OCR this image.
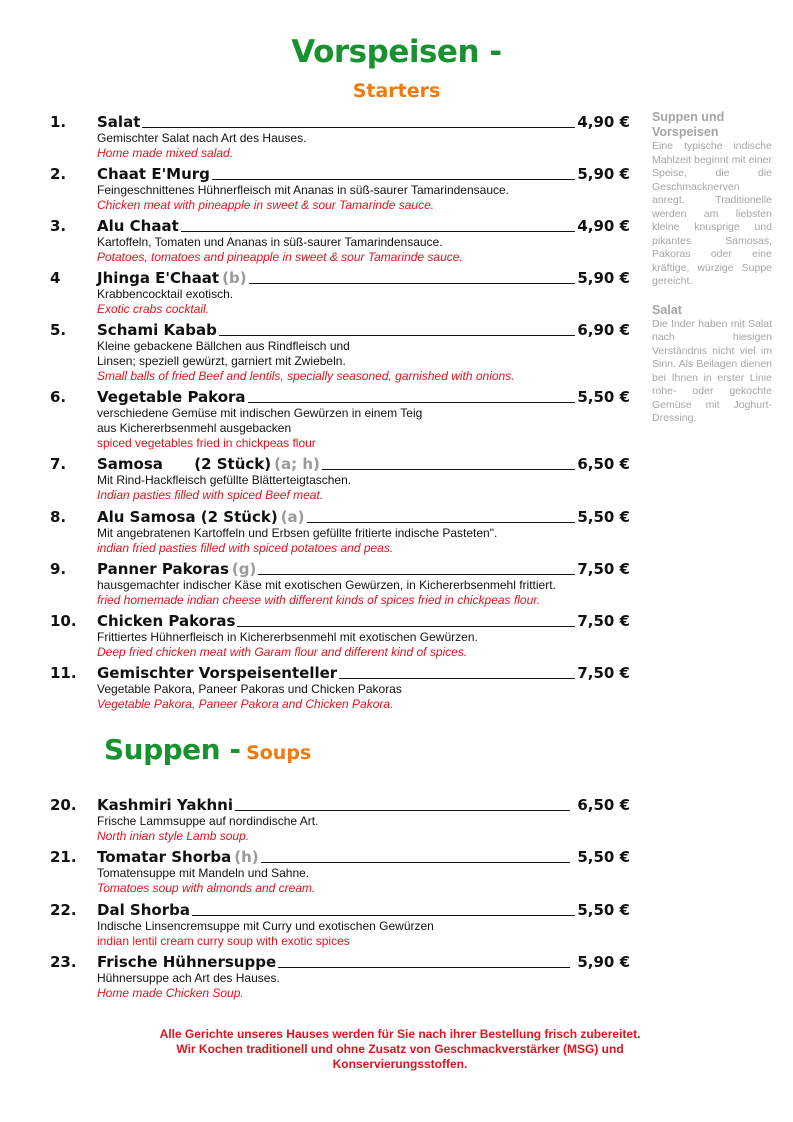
Vorspeisen -
Starters
1.	Salat	4,90 €
Gemischter Salat nach Art des Hauses.
Home made mixed salad.
2.	Chaat E'Murg	5,90 €
Feingeschnittenes Hühnerfleisch mit Ananas in süß-saurer Tamarindensauce.
Chicken meat with pineapple in sweet & sour Tamarinde sauce.
3.	Alu Chaat	4,90 €
Kartoffeln, Tomaten und Ananas in süß-saurer Tamarindensauce.
Potatoes, tomatoes and pineapple in sweet & sour Tamarinde sauce.
4	Jhinga E'Chaat (b)	5,90 €
Krabbencocktail exotisch.
Exotic crabs cocktail.
5.	Schami Kabab	6,90 €
Kleine gebackene Bällchen aus Rindfleisch und
Linsen; speziell gewürzt, garniert mit Zwiebeln.
Small balls of fried Beef and lentils, specially seasoned, garnished with onions.
6.	Vegetable Pakora	5,50 €
verschiedene Gemüse mit indischen Gewürzen in einem Teig
aus Kichererbsenmehl ausgebacken
spiced vegetables fried in chickpeas flour
7.	Samosa      (2 Stück) (a; h)	6,50 €
Mit Rind-Hackfleisch gefüllte Blätterteigtaschen.
Indian pasties filled with spiced Beef meat.
8.	Alu Samosa (2 Stück) (a)	5,50 €
Mit angebratenen Kartoffeln und Erbsen gefüllte fritierte indische Pasteten".
indian fried pasties filled with spiced potatoes and peas.
9.	Panner Pakoras (g)	7,50 €
hausgemachter indischer Käse mit exotischen Gewürzen, in Kichererbsenmehl frittiert.
fried homemade indian cheese with different kinds of spices fried in chickpeas flour.
10.	Chicken Pakoras	7,50 €
Frittiertes Hühnerfleisch in Kichererbsenmehl mit exotischen Gewürzen.
Deep fried chicken meat with Garam flour and different kind of spices.
11.	Gemischter Vorspeisenteller	7,50 €
Vegetable Pakora, Paneer Pakoras und Chicken Pakoras
Vegetable Pakora, Paneer Pakora and Chicken Pakora.
Suppen - Soups
20.	Kashmiri Yakhni	6,50 €
Frische Lammsuppe auf nordindische Art.
North inian style Lamb soup.
21.	Tomatar Shorba (h)	5,50 €
Tomatensuppe mit Mandeln und Sahne.
Tomatoes soup with almonds and cream.
22.	Dal Shorba	5,50 €
Indische Linsencremsuppe mit Curry und exotischen Gewürzen
indian lentil cream curry soup with exotic spices
23.	Frische Hühnersuppe	5,90 €
Hühnersuppe ach Art des Hauses.
Home made Chicken Soup.
Suppen und Vorspeisen
Eine typische indische Mahlzeit beginnt mit einer Speise, die die Geschmacknerven anregt. Traditionelle werden am liebsten kleine knusprige und pikantes Samosas, Pakoras oder eine kräftige, würzige Suppe gereicht.
Salat
Die Inder haben mit Salat nach hiesigen Verständnis nicht viel im Sinn. Als Beilagen dienen bei Ihnen in erster Linie rohe- oder gekochte Gemüse mit Joghurt-Dressing.
Alle Gerichte unseres Hauses werden für Sie nach ihrer Bestellung frisch zubereitet.
Wir Kochen traditionell und ohne Zusatz von Geschmackverstärker (MSG) und
Konservierungsstoffen.
